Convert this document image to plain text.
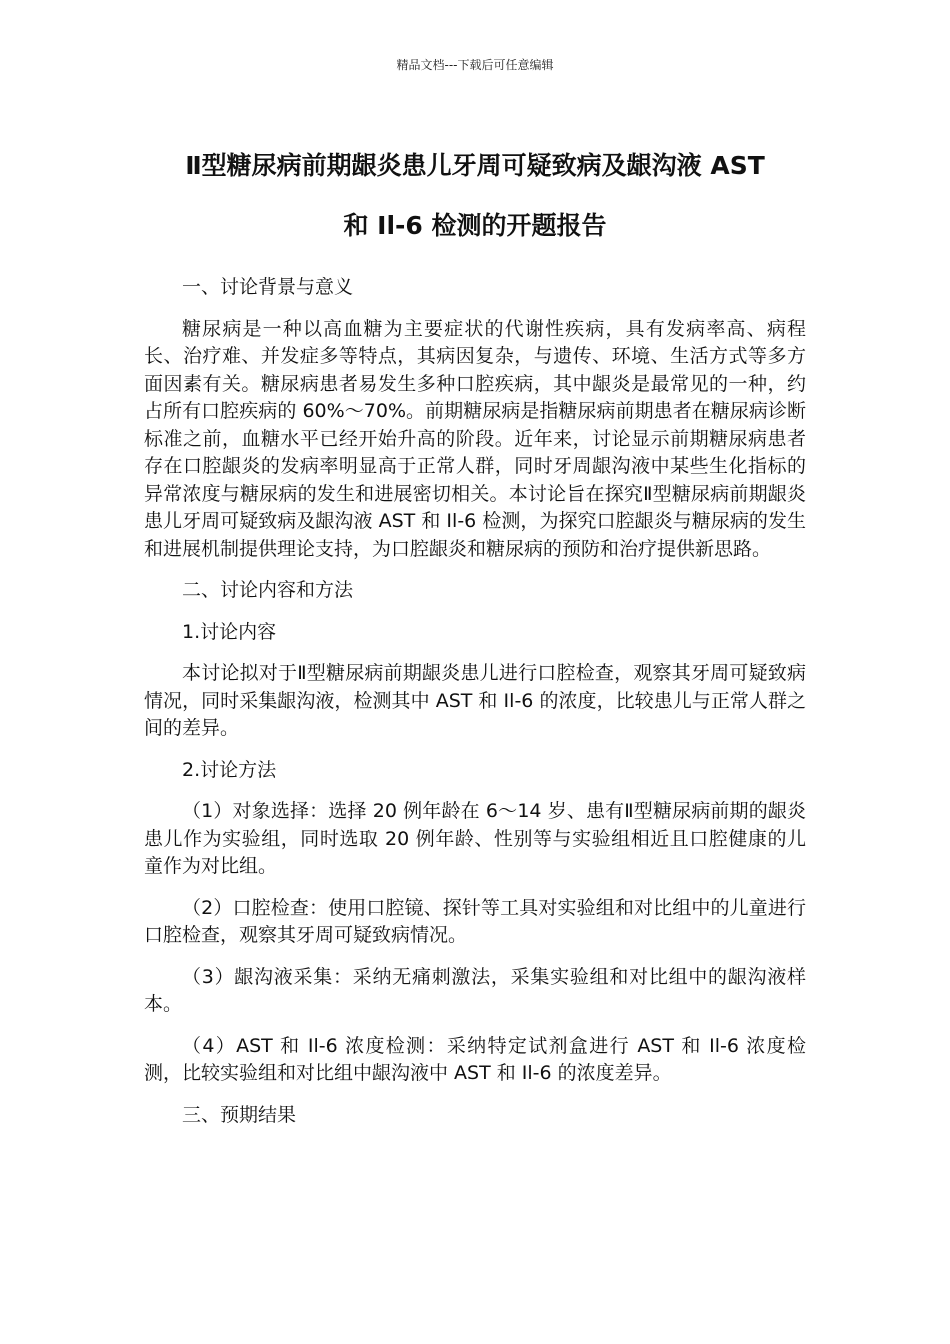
精品文档---下载后可任意编辑
Ⅱ型糖尿病前期龈炎患儿牙周可疑致病及龈沟液 AST
和 Il-6 检测的开题报告

一、讨论背景与意义

糖尿病是一种以高血糖为主要症状的代谢性疾病，具有发病率高、病程长、治疗难、并发症多等特点，其病因复杂，与遗传、环境、生活方式等多方面因素有关。糖尿病患者易发生多种口腔疾病，其中龈炎是最常见的一种，约占所有口腔疾病的 60%～70%。前期糖尿病是指糖尿病前期患者在糖尿病诊断标准之前，血糖水平已经开始升高的阶段。近年来，讨论显示前期糖尿病患者存在口腔龈炎的发病率明显高于正常人群，同时牙周龈沟液中某些生化指标的异常浓度与糖尿病的发生和进展密切相关。本讨论旨在探究Ⅱ型糖尿病前期龈炎患儿牙周可疑致病及龈沟液 AST 和 Il-6 检测，为探究口腔龈炎与糖尿病的发生和进展机制提供理论支持，为口腔龈炎和糖尿病的预防和治疗提供新思路。

二、讨论内容和方法

1.讨论内容

本讨论拟对于Ⅱ型糖尿病前期龈炎患儿进行口腔检查，观察其牙周可疑致病情况，同时采集龈沟液，检测其中 AST 和 Il-6 的浓度，比较患儿与正常人群之间的差异。

2.讨论方法

（1）对象选择：选择 20 例年龄在 6～14 岁、患有Ⅱ型糖尿病前期的龈炎患儿作为实验组，同时选取 20 例年龄、性别等与实验组相近且口腔健康的儿童作为对比组。

（2）口腔检查：使用口腔镜、探针等工具对实验组和对比组中的儿童进行口腔检查，观察其牙周可疑致病情况。

（3）龈沟液采集：采纳无痛刺激法，采集实验组和对比组中的龈沟液样本。

（4）AST 和 Il-6 浓度检测：采纳特定试剂盒进行 AST 和 Il-6 浓度检测，比较实验组和对比组中龈沟液中 AST 和 Il-6 的浓度差异。

三、预期结果
